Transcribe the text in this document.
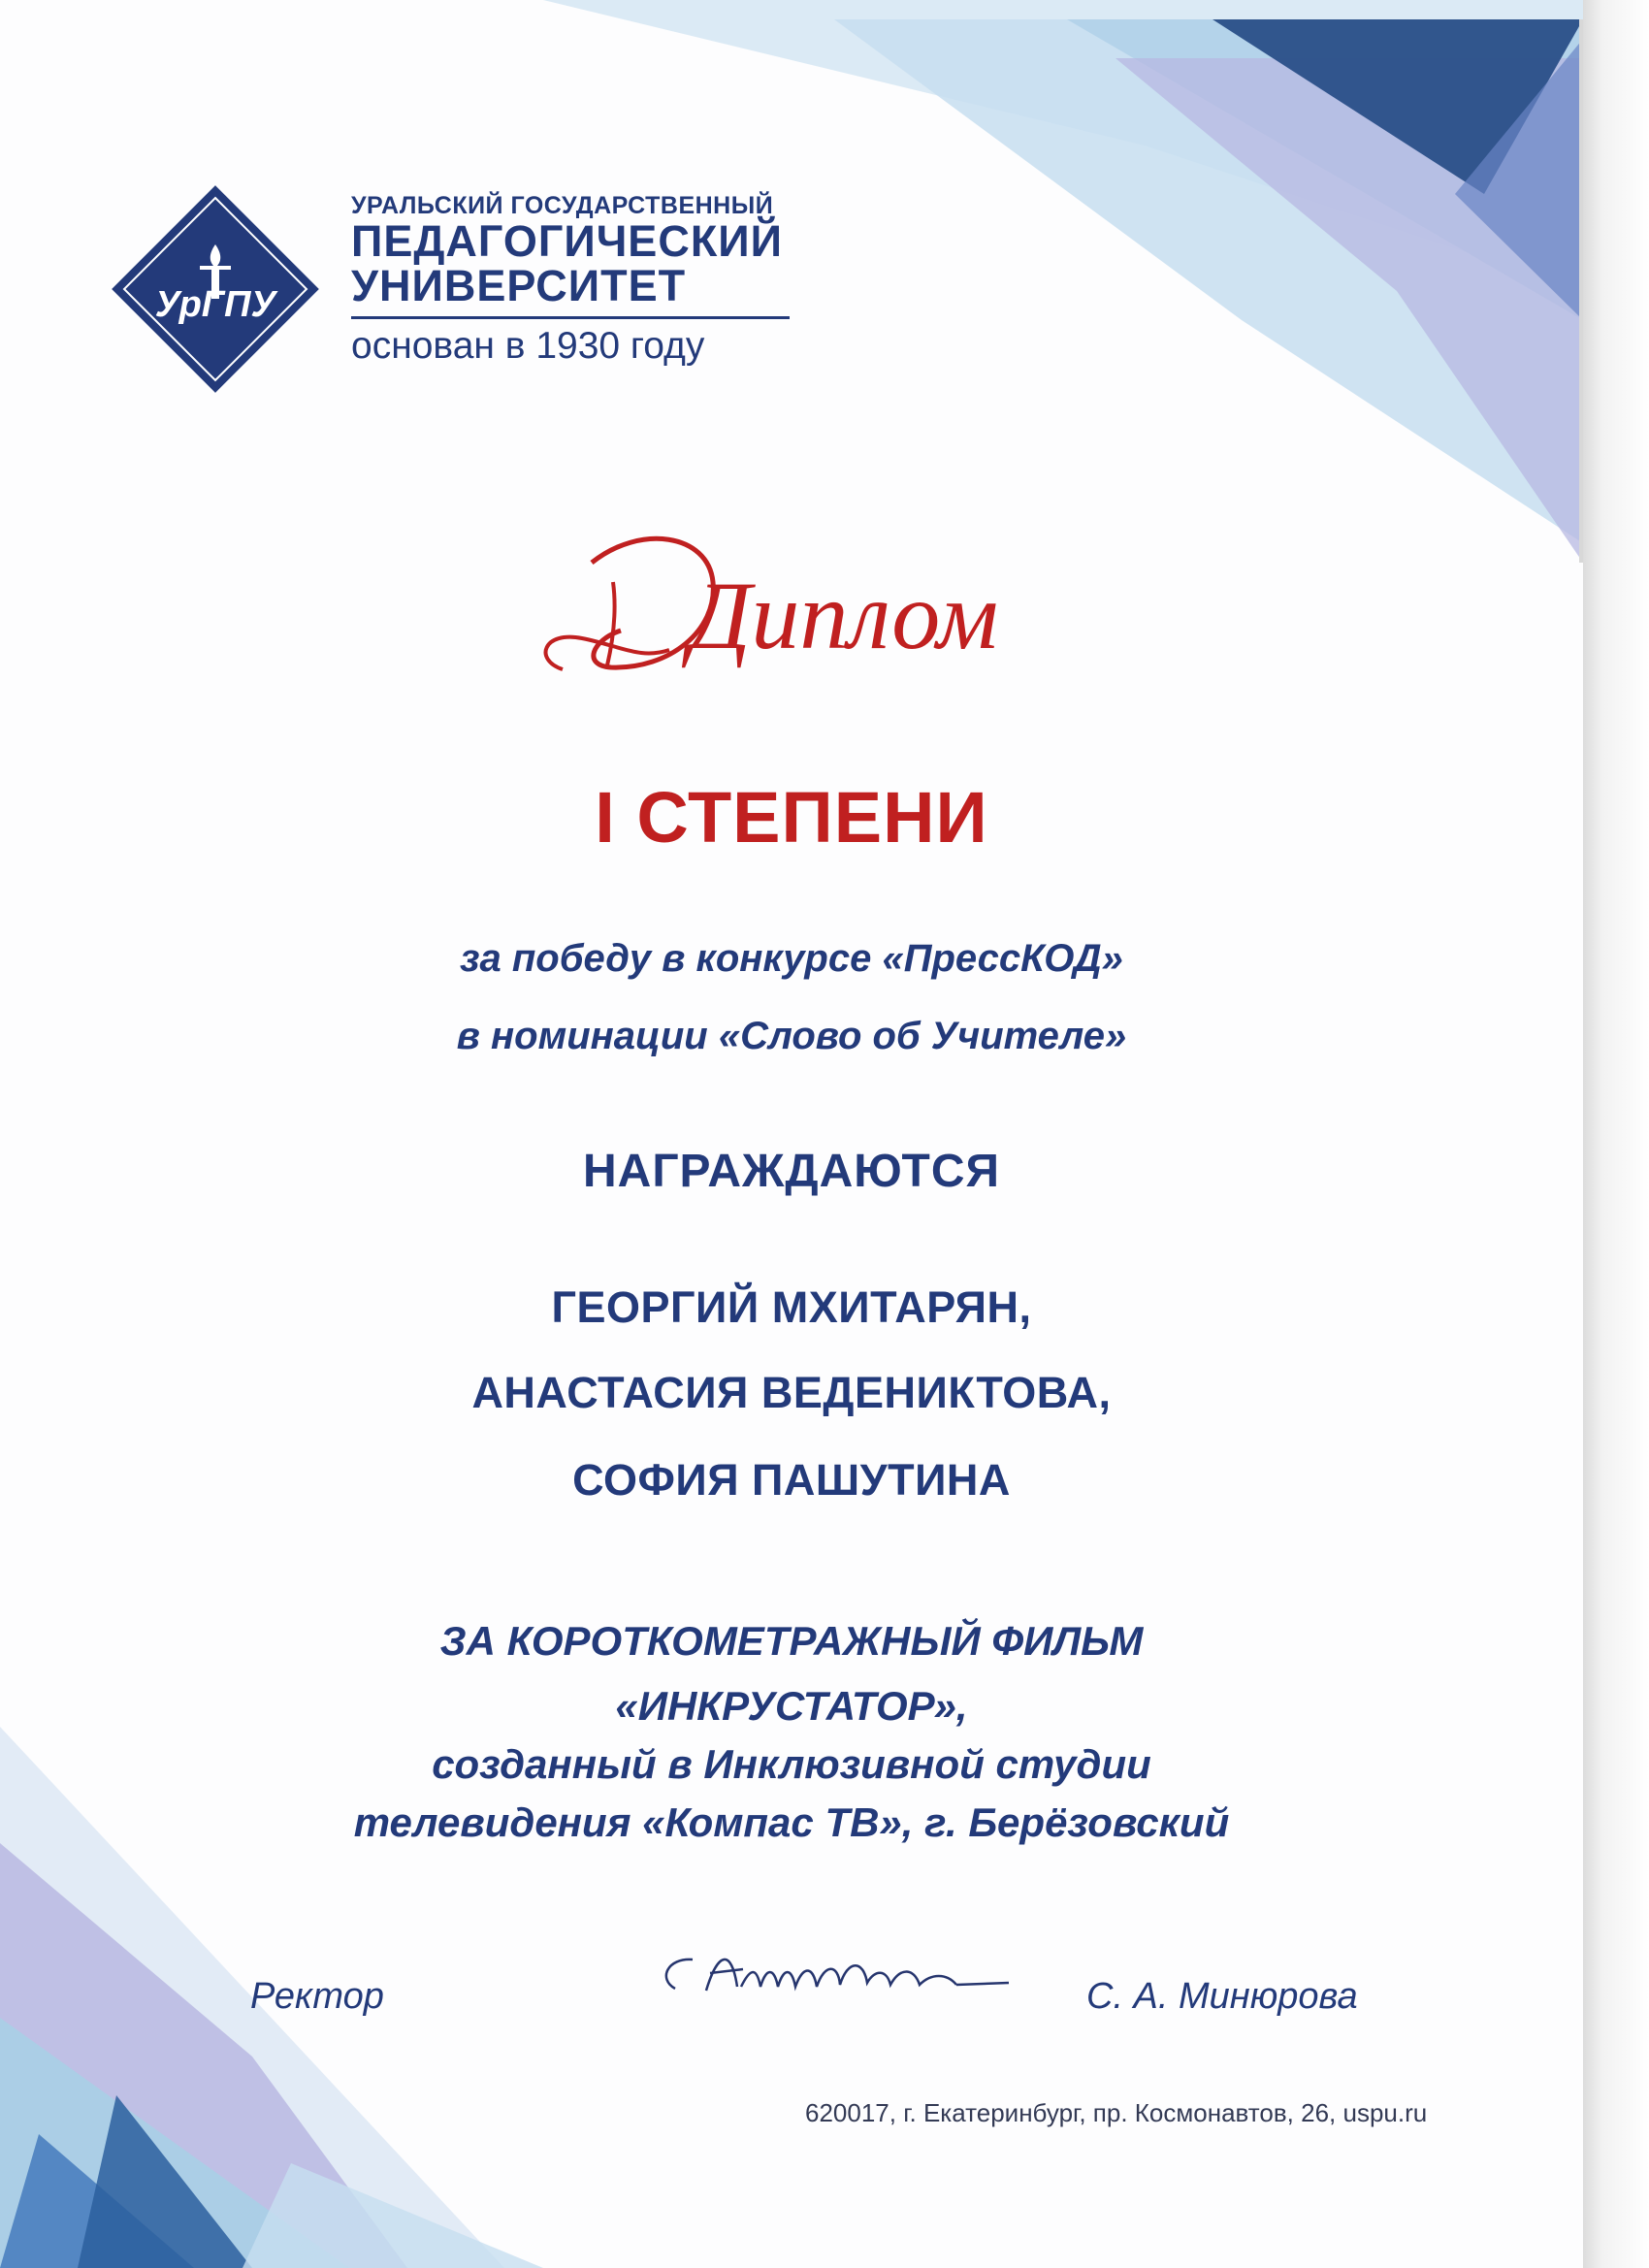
УрГПУ
УРАЛЬСКИЙ ГОСУДАРСТВЕННЫЙ
ПЕДАГОГИЧЕСКИЙ
УНИВЕРСИТЕТ
основан в 1930 году
Диплом
I СТЕПЕНИ
за победу в конкурсе «ПрессКОД»
в номинации «Слово об Учителе»
НАГРАЖДАЮТСЯ
ГЕОРГИЙ МХИТАРЯН,
АНАСТАСИЯ ВЕДЕНИКТОВА,
СОФИЯ ПАШУТИНА
ЗА КОРОТКОМЕТРАЖНЫЙ ФИЛЬМ
«ИНКРУСТАТОР»,
созданный в Инклюзивной студии
телевидения «Компас ТВ», г. Берёзовский
Ректор	С. А. Минюрова
620017, г. Екатеринбург, пр. Космонавтов, 26, uspu.ru
